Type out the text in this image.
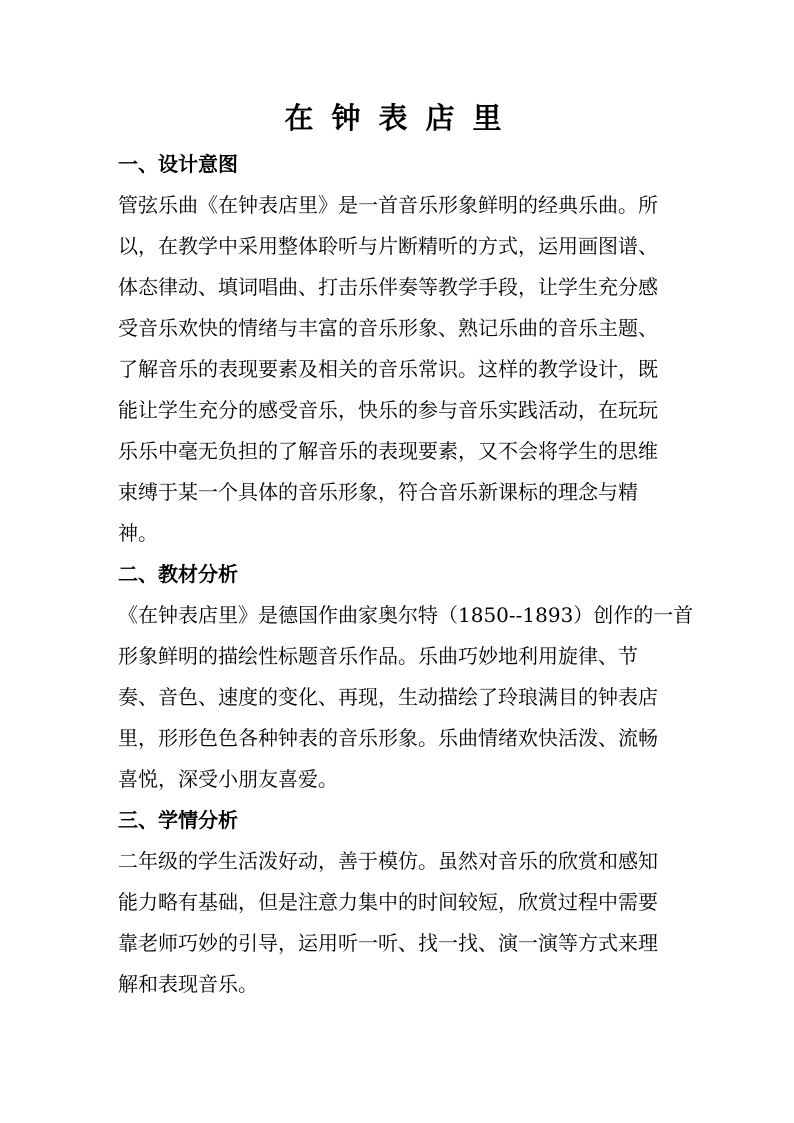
在钟表店里
一、设计意图
管弦乐曲《在钟表店里》是一首音乐形象鲜明的经典乐曲。所
以，在教学中采用整体聆听与片断精听的方式，运用画图谱、
体态律动、填词唱曲、打击乐伴奏等教学手段，让学生充分感
受音乐欢快的情绪与丰富的音乐形象、熟记乐曲的音乐主题、
了解音乐的表现要素及相关的音乐常识。这样的教学设计，既
能让学生充分的感受音乐，快乐的参与音乐实践活动，在玩玩
乐乐中毫无负担的了解音乐的表现要素，又不会将学生的思维
束缚于某一个具体的音乐形象，符合音乐新课标的理念与精
神。
二、教材分析
《在钟表店里》是德国作曲家奥尔特（1850--1893）创作的一首
形象鲜明的描绘性标题音乐作品。乐曲巧妙地利用旋律、节
奏、音色、速度的变化、再现，生动描绘了玲琅满目的钟表店
里，形形色色各种钟表的音乐形象。乐曲情绪欢快活泼、流畅
喜悦，深受小朋友喜爱。
三、学情分析
二年级的学生活泼好动，善于模仿。虽然对音乐的欣赏和感知
能力略有基础，但是注意力集中的时间较短，欣赏过程中需要
靠老师巧妙的引导，运用听一听、找一找、演一演等方式来理
解和表现音乐。
